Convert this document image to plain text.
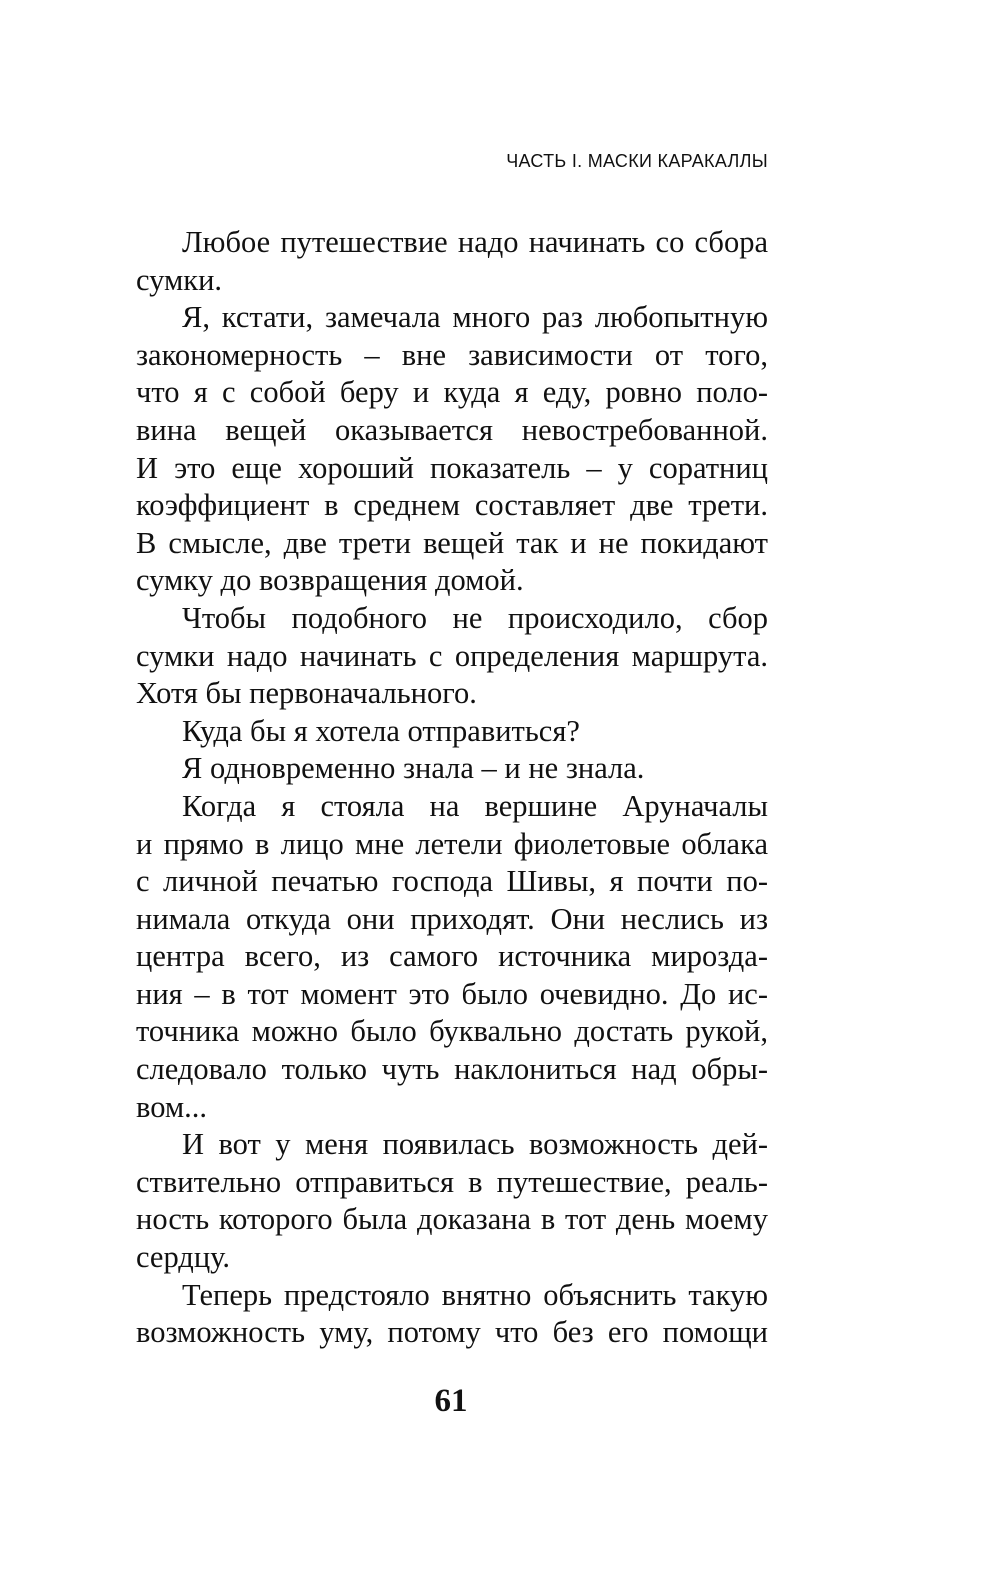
ЧАСТЬ I. МАСКИ КАРАКАЛЛЫ
Любое путешествие надо начинать со сбора
сумки.
Я, кстати, замечала много раз любопытную
закономерность – вне зависимости от того,
что я с собой беру и куда я еду, ровно поло-
вина вещей оказывается невостребованной.
И это еще хороший показатель – у соратниц
коэффициент в среднем составляет две трети.
В смысле, две трети вещей так и не покидают
сумку до возвращения домой.
Чтобы подобного не происходило, сбор
сумки надо начинать с определения маршрута.
Хотя бы первоначального.
Куда бы я хотела отправиться?
Я одновременно знала – и не знала.
Когда я стояла на вершине Аруначалы
и прямо в лицо мне летели фиолетовые облака
с личной печатью господа Шивы, я почти по-
нимала откуда они приходят. Они неслись из
центра всего, из самого источника мирозда-
ния – в тот момент это было очевидно. До ис-
точника можно было буквально достать рукой,
следовало только чуть наклониться над обры-
вом...
И вот у меня появилась возможность дей-
ствительно отправиться в путешествие, реаль-
ность которого была доказана в тот день моему
сердцу.
Теперь предстояло внятно объяснить такую
возможность уму, потому что без его помощи
61
